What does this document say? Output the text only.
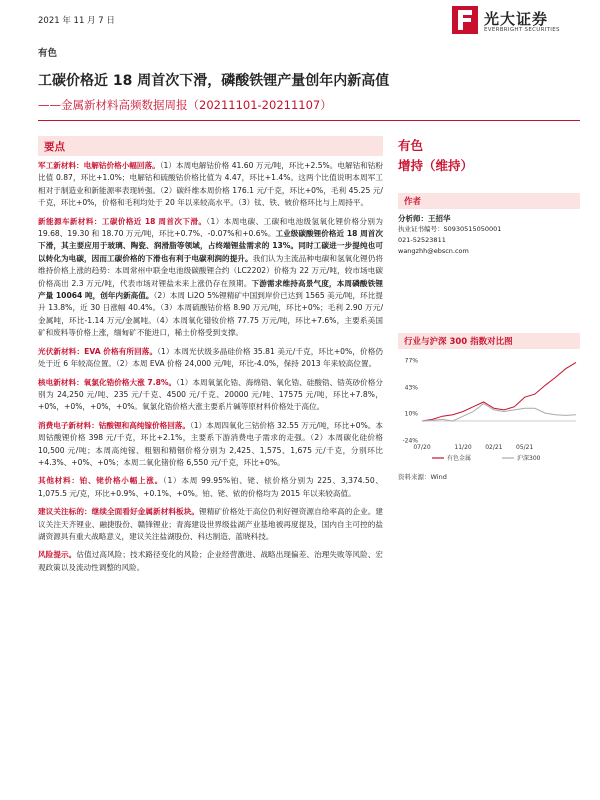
2021 年 11 月 7 日	光大证券
EVERBRIGHT SECURITIES
有色
工碳价格近 18 周首次下滑，磷酸铁锂产量创年内新高值
——金属新材料高频数据周报（20211101-20211107）
要点

军工新材料：电解钴价格小幅回落。（1）本周电解钴价格 41.60 万元/吨，环比+2.5%。电解钴和钴粉比值 0.87，环比+1.0%；电解钴和硫酸钴价格比值为 4.47，环比+1.4%。这两个比值说明本周军工相对于制造业和新能源率表现转强。（2）碳纤维本周价格 176.1 元/千克，环比+0%，毛利 45.25 元/千克，环比+0%，价格和毛利均处于 20 年以来较高水平。（3）钛、铁、铍价格环比与上周持平。

新能源车新材料：工碳价格近 18 周首次下滑。（1）本周电碳、工碳和电池级氢氧化锂价格分别为 19.68、19.30 和 18.70 万元/吨，环比+0.7%、-0.07%和+0.6%。工业级碳酸锂价格近 18 周首次下滑，其主要应用于玻璃、陶瓷、润滑脂等领域，占终端锂盐需求的 13%。同时工碳进一步提纯也可以转化为电碳，因而工碳价格的下滑也有利于电碳利润的提升。我们认为主流品种电碳和氢氧化锂仍将维持价格上涨的趋势：本周常州中联金电池级碳酸锂合约（LC2202）价格为 22 万元/吨，较市场电碳价格高出 2.3 万元/吨，代表市场对锂盐未来上涨仍存在预期。下游需求维持高景气度，本周磷酸铁锂产量 10064 吨，创年内新高值。（2）本周 Li2O 5%锂精矿中国到岸价已达到 1565 美元/吨，环比提升 13.8%，近 30 日涨幅 40.4%。（3）本周硫酸钴价格 8.90 万元/吨，环比+0%；毛利 2.90 万元/金属吨，环比-1.14 万元/金属吨。（4）本周氧化镨钕价格 77.75 万元/吨，环比+7.6%，主要系美国矿和废料等价格上涨，缅甸矿不能进口，稀土价格受到支撑。

光伏新材料：EVA 价格有所回落。（1）本周光伏级多晶硅价格 35.81 美元/千克，环比+0%，价格仍处于近 6 年较高位置。（2）本周 EVA 价格 24,000 元/吨，环比-4.0%，保持 2013 年来较高位置。

核电新材料：氧氯化锆价格大涨 7.8%。（1）本周氧氯化锆、海绵锆、氧化锆、硅酸锆、锆英砂价格分别为 24,250 元/吨、235 元/千克、4500 元/千克、20000 元/吨、17575 元/吨，环比+7.8%，+0%，+0%，+0%，+0%。氧氯化锆价格大涨主要系片碱等原材料价格处于高位。

消费电子新材料：钴酸锂和高纯镓价格回落。（1）本周四氧化三钴价格 32.55 万元/吨，环比+0%。本周钴酸锂价格 398 元/千克，环比+2.1%，主要系下游消费电子需求的走强。（2）本周碳化硅价格 10,500 元/吨；本周高纯镓、粗铟和精铟价格分别为 2,425、1,575、1,675 元/千克，分别环比+4.3%、+0%、+0%；本周二氧化锗价格 6,550 元/千克，环比+0%。

其他材料：铂、铑价格小幅上涨。（1）本周 99.95%铂、铑、铱价格分别为 225、3,374.50、1,075.5 元/克，环比+0.9%、+0.1%、+0%。铂、铑、铱的价格均为 2015 年以来较高值。

建议关注标的：继续全面看好金属新材料板块。锂精矿价格处于高位仍利好锂资源自给率高的企业。建议关注天齐锂业、融捷股份、赣锋锂业；青海建设世界级盐湖产业基地被再度提及，国内自主可控的盐湖资源具有重大战略意义，建议关注盐湖股份、科达制造、蓝晓科技。

风险提示。估值过高风险；技术路径变化的风险；企业经营激进、战略出现偏差、治理失败等风险、宏观政策以及流动性调整的风险。

有色
增持（维持）
作者
分析师：王招华
执业证书编号：S0930515050001
021-52523811
wangzhh@ebscn.com
行业与沪深 300 指数对比图
77%
43%
10%
-24%
07/20	11/20 02/21 05/21
有色金属	沪深300
资料来源：Wind
